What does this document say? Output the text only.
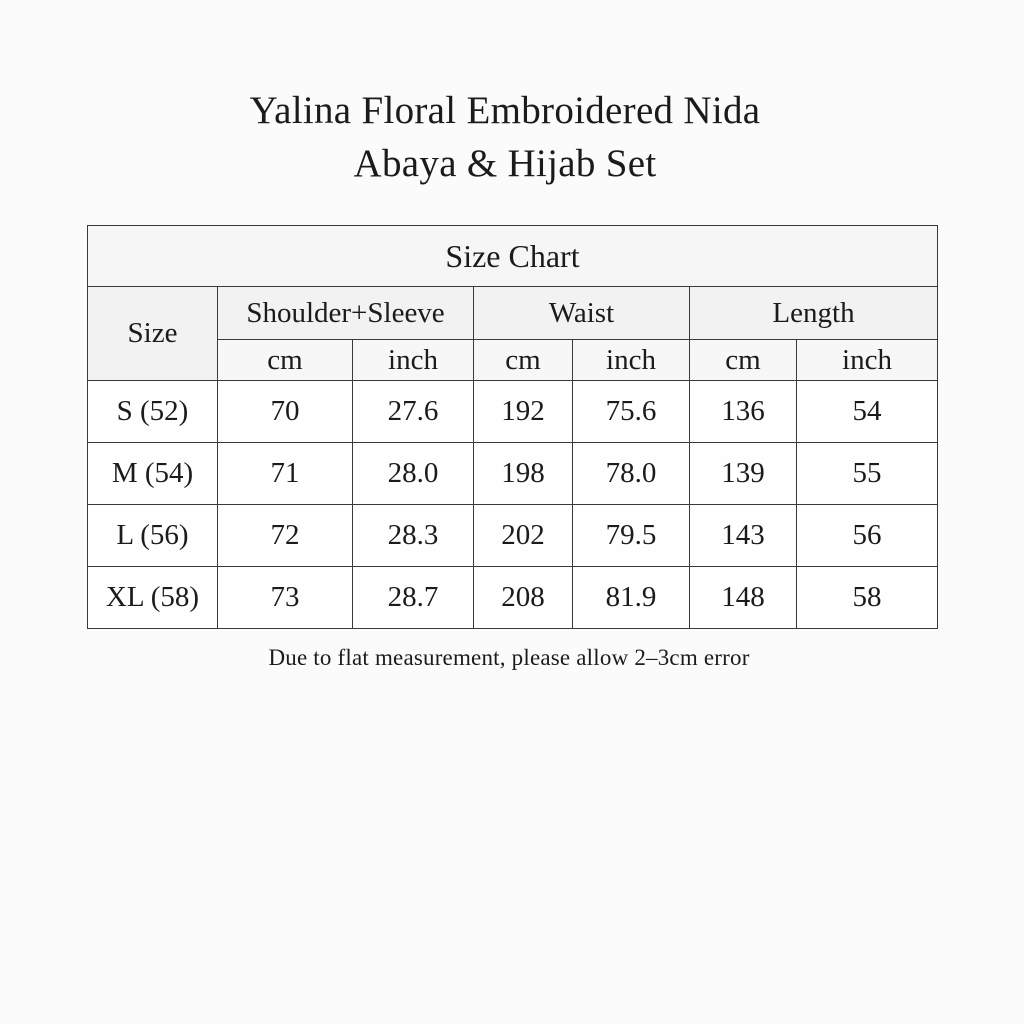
Yalina Floral Embroidered Nida
Abaya & Hijab Set
Size Chart						
Size	Shoulder+Sleeve		Waist		Length	
	cm	inch	cm	inch	cm	inch
S (52)	70	27.6	192	75.6	136	54
M (54)	71	28.0	198	78.0	139	55
L (56)	72	28.3	202	79.5	143	56
XL (58)	73	28.7	208	81.9	148	58
Due to flat measurement, please allow 2–3cm error
